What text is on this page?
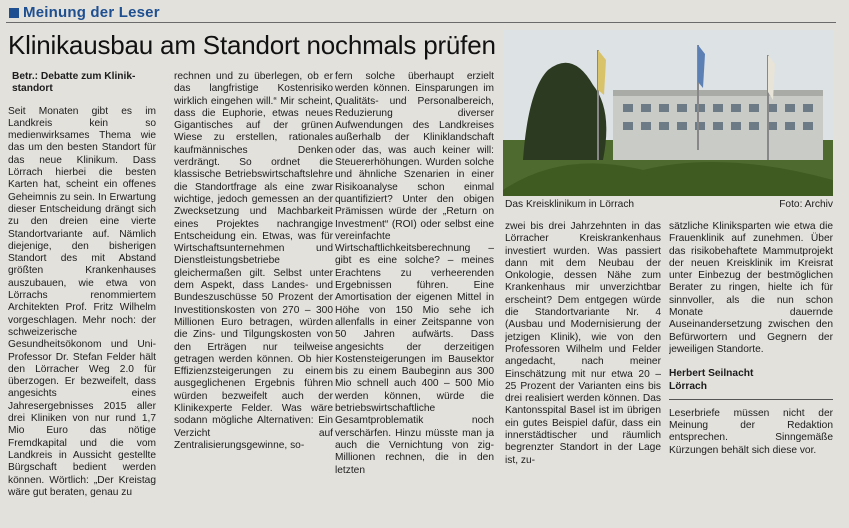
Meinung der Leser
Klinikausbau am Standort nochmals prüfen

Betr.: Debatte zum Klinikstandort

Seit Monaten gibt es im Landkreis kein so medienwirksames Thema wie das um den besten Standort für das neue Klinikum. Dass Lörrach hierbei die besten Karten hat, scheint ein offenes Geheimnis zu sein. In Erwartung dieser Entscheidung drängt sich zu den dreien eine vierte Standortvariante auf. Nämlich diejenige, den bisherigen Standort des mit Abstand größten Krankenhauses auszubauen, wie etwa von Lörrachs renommiertem Architekten Prof. Fritz Wilhelm vorgeschlagen. Mehr noch: der schweizerische Gesundheitsökonom und Uni-Professor Dr. Stefan Felder hält den Lörracher Weg 2.0 für überzogen. Er bezweifelt, dass angesichts eines Jahresergebnisses 2015 aller drei Kliniken von nur rund 1,7 Mio Euro das nötige Fremdkapital und die vom Landkreis in Aussicht gestellte Bürgschaft bedient werden können. Wörtlich: „Der Kreistag wäre gut beraten, genau zu

rechnen und zu überlegen, ob er das langfristige Kostenrisiko wirklich eingehen will.“ Mir scheint, dass die Euphorie, etwas neues Gigantisches auf der grünen Wiese zu erstellen, rationales kaufmännisches Denken verdrängt. So ordnet die klassische Betriebswirtschaftslehre die Standortfrage als eine zwar wichtige, jedoch gemessen an der Zwecksetzung und Machbarkeit eines Projektes nachrangige Entscheidung ein. Etwas, was für Wirtschaftsunternehmen und Dienstleistungsbetriebe gleichermaßen gilt. Selbst unter dem Aspekt, dass Landes- und Bundeszuschüsse 50 Prozent der Investitionskosten von 270 – 300 Millionen Euro betragen, würden die Zins- und Tilgungskosten von den Erträgen nur teilweise getragen werden können. Ob hier Effizienzsteigerungen zu einem ausgeglichenen Ergebnis führen würden bezweifelt auch der Klinikexperte Felder. Was wäre sodann mögliche Alternativen: Ein Verzicht auf Zentralisierungsgewinne, so-

fern solche überhaupt erzielt werden können. Einsparungen im Qualitäts- und Personalbereich, Reduzierung diverser Aufwendungen des Landkreises außerhalb der Kliniklandschaft oder das, was auch keiner will: Steuererhöhungen. Wurden solche und ähnliche Szenarien in einer Risikoanalyse schon einmal quantifiziert? Unter den obigen Prämissen würde der „Return on Investment“ (ROI) oder selbst eine vereinfachte Wirtschaftlichkeitsberechnung – gibt es eine solche? – meines Erachtens zu verheerenden Ergebnissen führen. Eine Amortisation der eigenen Mittel in Höhe von 150 Mio sehe ich allenfalls in einer Zeitspanne von 50 Jahren aufwärts. Dass angesichts der derzeitigen Kostensteigerungen im Bausektor bis zu einem Baubeginn aus 300 Mio schnell auch 400 – 500 Mio werden können, würde die betriebswirtschaftliche Gesamtproblematik noch verschärfen. Hinzu müsste man ja auch die Vernichtung von zig-Millionen rechnen, die in den letzten

Das Kreisklinikum in Lörrach	Foto: Archiv

zwei bis drei Jahrzehnten in das Lörracher Kreiskrankenhaus investiert wurden. Was passiert dann mit dem Neubau der Onkologie, dessen Nähe zum Krankenhaus mir unverzichtbar erscheint? Dem entgegen würde die Standortvariante Nr. 4 (Ausbau und Modernisierung der jetzigen Klinik), wie von den Professoren Wilhelm und Felder angedacht, nach meiner Einschätzung mit nur etwa 20 – 25 Prozent der Varianten eins bis drei realisiert werden können. Das Kantonsspital Basel ist im übrigen ein gutes Beispiel dafür, dass ein innerstädtischer und räumlich begrenzter Standort in der Lage ist, zu-

sätzliche Kliniksparten wie etwa die Frauenklinik auf zunehmen. Über das risikobehaftete Mammutprojekt der neuen Kreisklinik im Kreisrat unter Einbezug der bestmöglichen Berater zu ringen, hielte ich für sinnvoller, als die nun schon Monate dauernde Auseinandersetzung zwischen den Befürwortern und Gegnern der jeweiligen Standorte.

Herbert Seilnacht

Lörrach

Leserbriefe müssen nicht der Meinung der Redaktion entsprechen. Sinngemäße Kürzungen behält sich diese vor.
